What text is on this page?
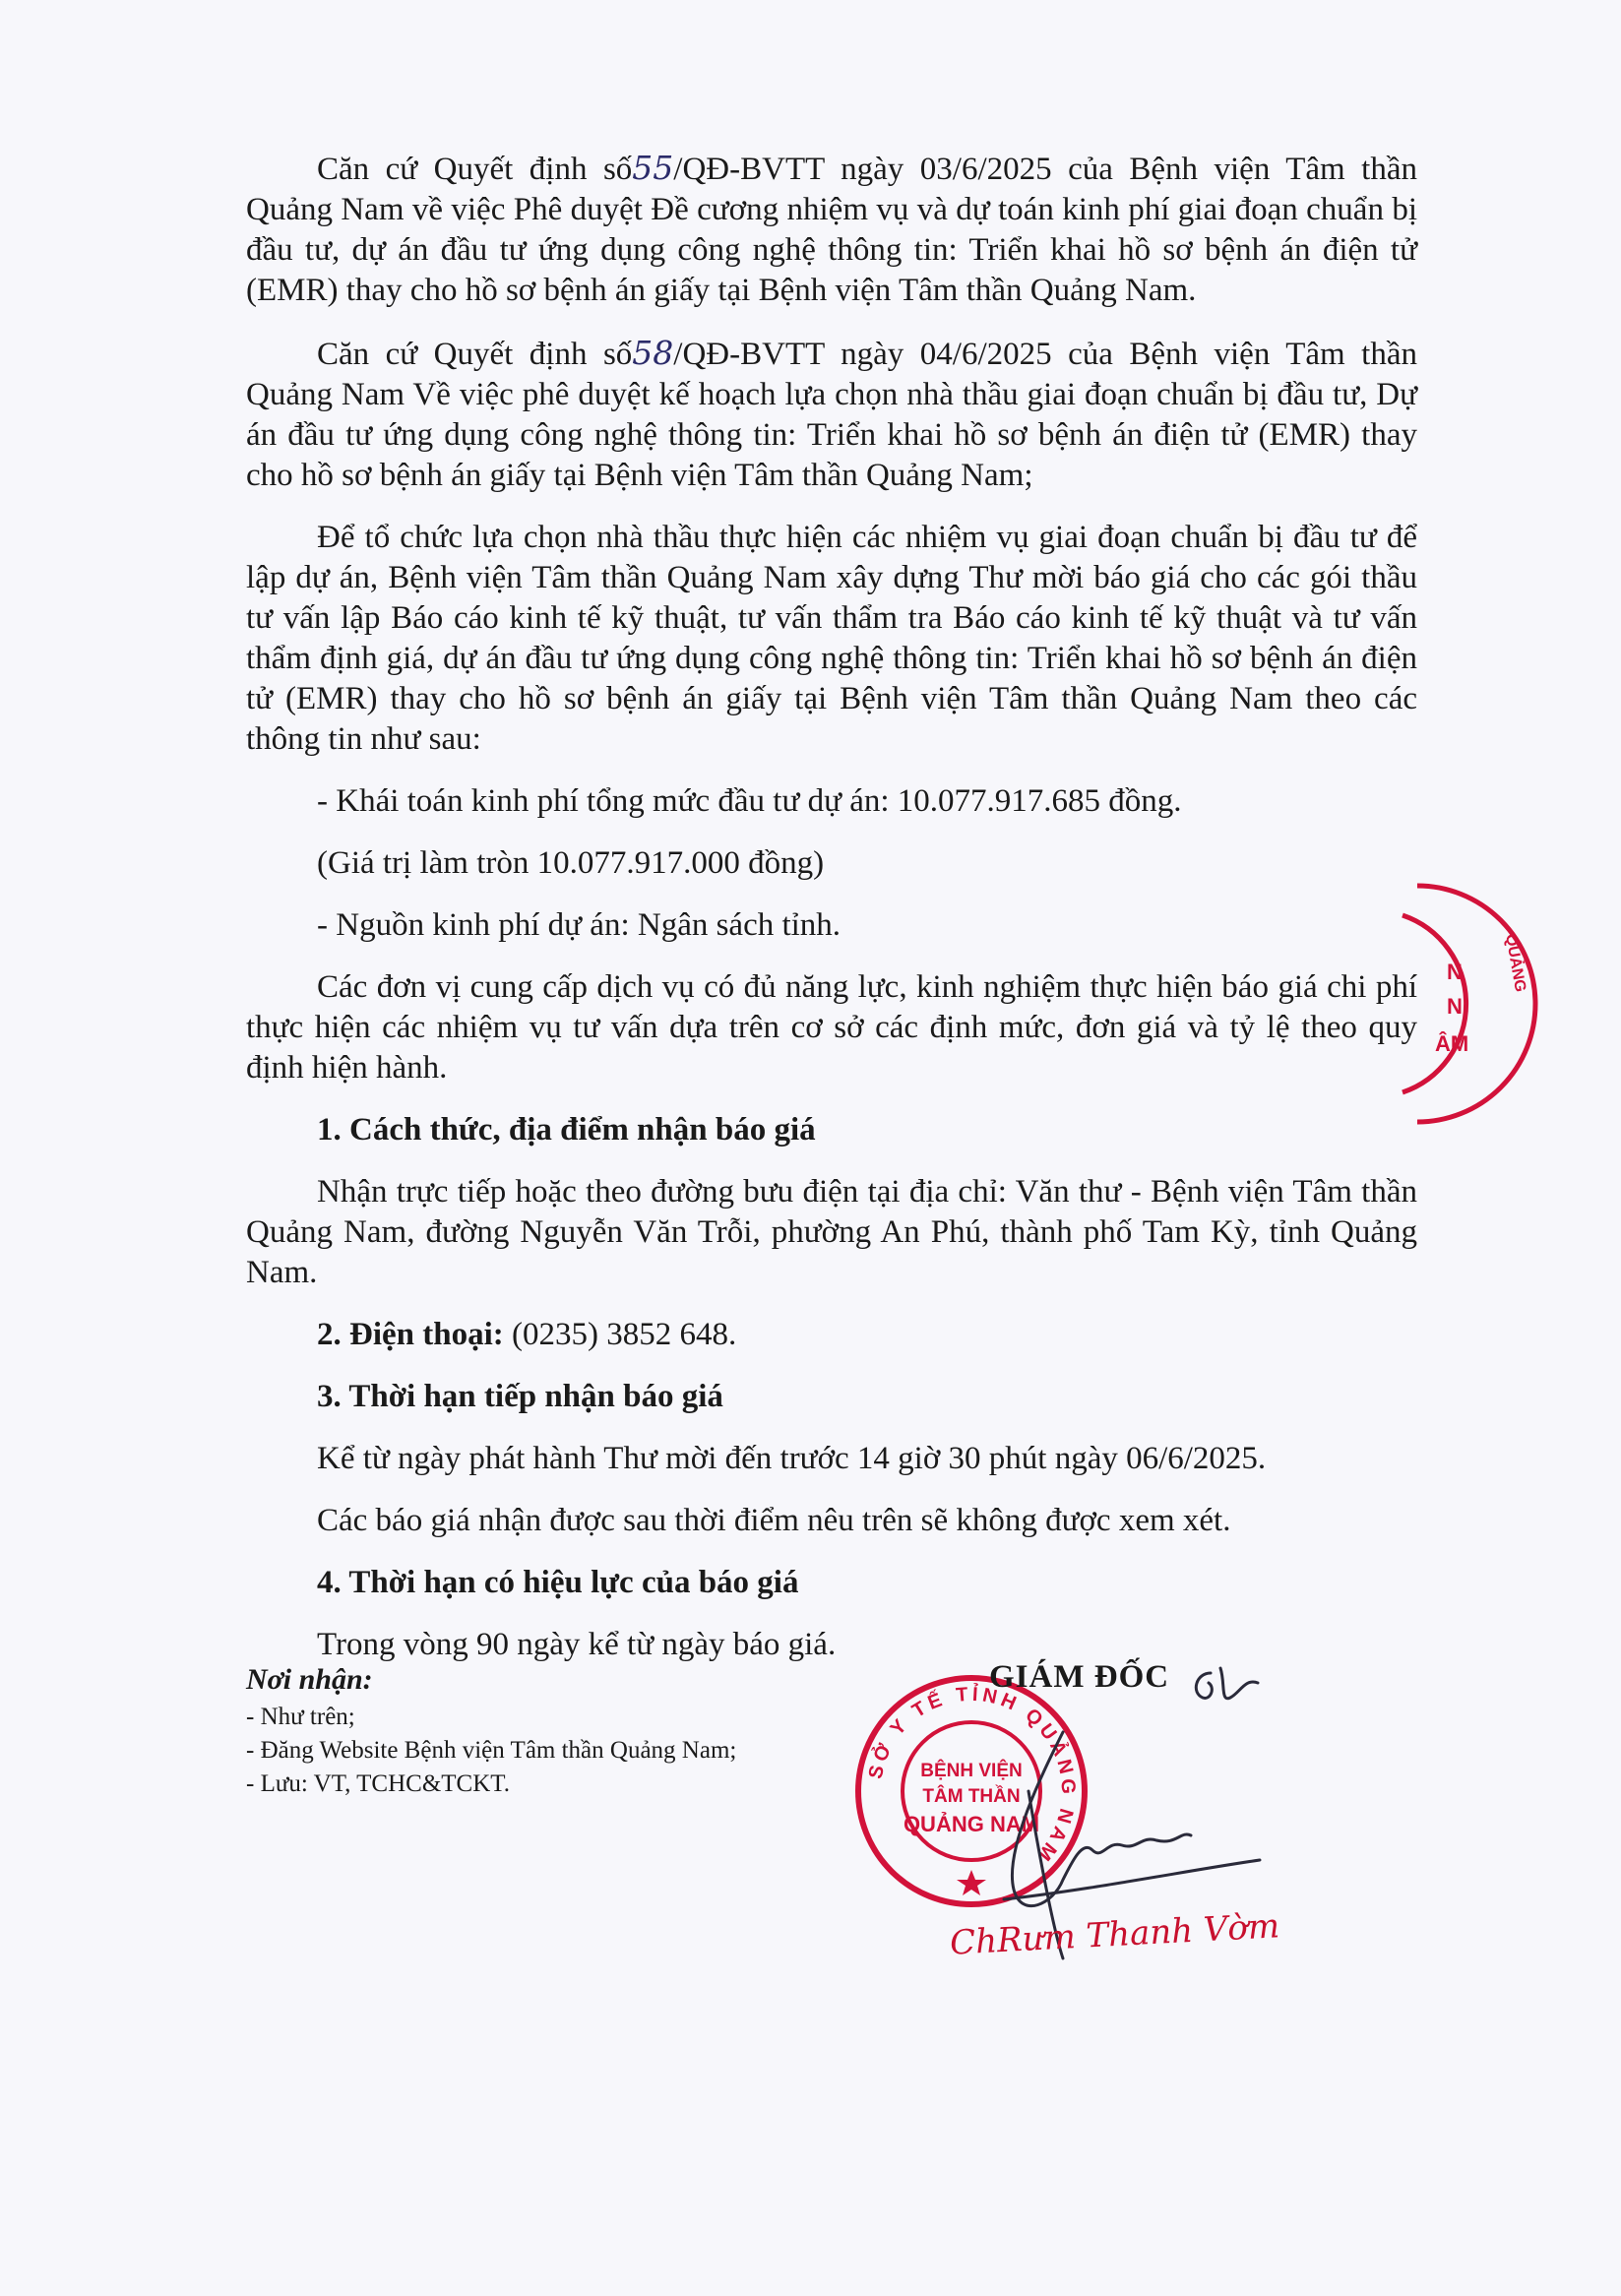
Căn cứ Quyết định số55/QĐ-BVTT ngày 03/6/2025 của Bệnh viện Tâm thần Quảng Nam về việc Phê duyệt Đề cương nhiệm vụ và dự toán kinh phí giai đoạn chuẩn bị đầu tư, dự án đầu tư ứng dụng công nghệ thông tin: Triển khai hồ sơ bệnh án điện tử (EMR) thay cho hồ sơ bệnh án giấy tại Bệnh viện Tâm thần Quảng Nam.

Căn cứ Quyết định số58/QĐ-BVTT ngày 04/6/2025 của Bệnh viện Tâm thần Quảng Nam Về việc phê duyệt kế hoạch lựa chọn nhà thầu giai đoạn chuẩn bị đầu tư, Dự án đầu tư ứng dụng công nghệ thông tin: Triển khai hồ sơ bệnh án điện tử (EMR) thay cho hồ sơ bệnh án giấy tại Bệnh viện Tâm thần Quảng Nam;

Để tổ chức lựa chọn nhà thầu thực hiện các nhiệm vụ giai đoạn chuẩn bị đầu tư để lập dự án, Bệnh viện Tâm thần Quảng Nam xây dựng Thư mời báo giá cho các gói thầu tư vấn lập Báo cáo kinh tế kỹ thuật, tư vấn thẩm tra Báo cáo kinh tế kỹ thuật và tư vấn thẩm định giá, dự án đầu tư ứng dụng công nghệ thông tin: Triển khai hồ sơ bệnh án điện tử (EMR) thay cho hồ sơ bệnh án giấy tại Bệnh viện Tâm thần Quảng Nam theo các thông tin như sau:

- Khái toán kinh phí tổng mức đầu tư dự án: 10.077.917.685 đồng.

(Giá trị làm tròn 10.077.917.000 đồng)

- Nguồn kinh phí dự án: Ngân sách tỉnh.

Các đơn vị cung cấp dịch vụ có đủ năng lực, kinh nghiệm thực hiện báo giá chi phí thực hiện các nhiệm vụ tư vấn dựa trên cơ sở các định mức, đơn giá và tỷ lệ theo quy định hiện hành.

1. Cách thức, địa điểm nhận báo giá

Nhận trực tiếp hoặc theo đường bưu điện tại địa chỉ: Văn thư - Bệnh viện Tâm thần Quảng Nam, đường Nguyễn Văn Trỗi, phường An Phú, thành phố Tam Kỳ, tỉnh Quảng Nam.

2. Điện thoại: (0235) 3852 648.

3. Thời hạn tiếp nhận báo giá

Kể từ ngày phát hành Thư mời đến trước 14 giờ 30 phút ngày 06/6/2025.

Các báo giá nhận được sau thời điểm nêu trên sẽ không được xem xét.

4. Thời hạn có hiệu lực của báo giá

Trong vòng 90 ngày kể từ ngày báo giá.

N
N
ÂM
QUẢNG
Nơi nhận:
- Như trên;
- Đăng Website Bệnh viện Tâm thần Quảng Nam;
- Lưu: VT, TCHC&TCKT.
SỞ Y TẾ TỈNH QUẢNG NAM
BỆNH VIỆN
TÂM THẦN
QUẢNG NAM
GIÁM ĐỐC
ChRưm Thanh Vờm
